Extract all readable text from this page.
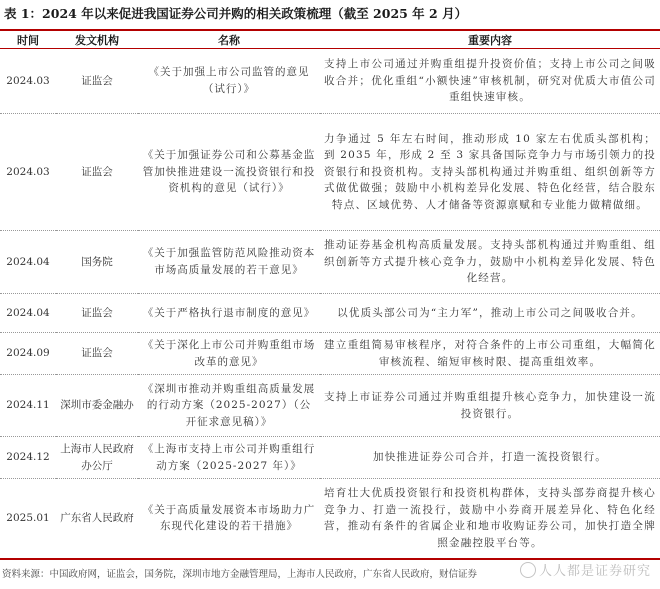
表 1：2024 年以来促进我国证券公司并购的相关政策梳理（截至 2025 年 2 月）
时间	发文机构	名称	重要内容
2024.03	证监会	《关于加强上市公司监管的意见（试行）》	支持上市公司通过并购重组提升投资价值；支持上市公司之间吸收合并；优化重组“小额快速”审核机制，研究对优质大市值公司重组快速审核。
2024.03	证监会	《关于加强证券公司和公募基金监管加快推进建设一流投资银行和投资机构的意见（试行）》	力争通过 5 年左右时间，推动形成 10 家左右优质头部机构；到 2035 年，形成 2 至 3 家具备国际竞争力与市场引领力的投资银行和投资机构。支持头部机构通过并购重组、组织创新等方式做优做强；鼓励中小机构差异化发展、特色化经营，结合股东特点、区域优势、人才储备等资源禀赋和专业能力做精做细。
2024.04	国务院	《关于加强监管防范风险推动资本市场高质量发展的若干意见》	推动证券基金机构高质量发展。支持头部机构通过并购重组、组织创新等方式提升核心竞争力，鼓励中小机构差异化发展、特色化经营。
2024.04	证监会	《关于严格执行退市制度的意见》	以优质头部公司为“主力军”，推动上市公司之间吸收合并。
2024.09	证监会	《关于深化上市公司并购重组市场改革的意见》	建立重组简易审核程序，对符合条件的上市公司重组，大幅简化审核流程、缩短审核时限、提高重组效率。
2024.11	深圳市委金融办	《深圳市推动并购重组高质量发展的行动方案（2025-2027）（公开征求意见稿）》	支持上市证券公司通过并购重组提升核心竞争力，加快建设一流投资银行。
2024.12	上海市人民政府办公厅	《上海市支持上市公司并购重组行动方案（2025-2027 年）》	加快推进证券公司合并，打造一流投资银行。
2025.01	广东省人民政府	《关于高质量发展资本市场助力广东现代化建设的若干措施》	培育壮大优质投资银行和投资机构群体，支持头部券商提升核心竞争力、打造一流投行，鼓励中小券商开展差异化、特色化经营，推动有条件的省属企业和地市收购证券公司，加快打造全牌照金融控股平台等。
资料来源：中国政府网，证监会，国务院，深圳市地方金融管理局，上海市人民政府，广东省人民政府，财信证券	人人都是证券研究
